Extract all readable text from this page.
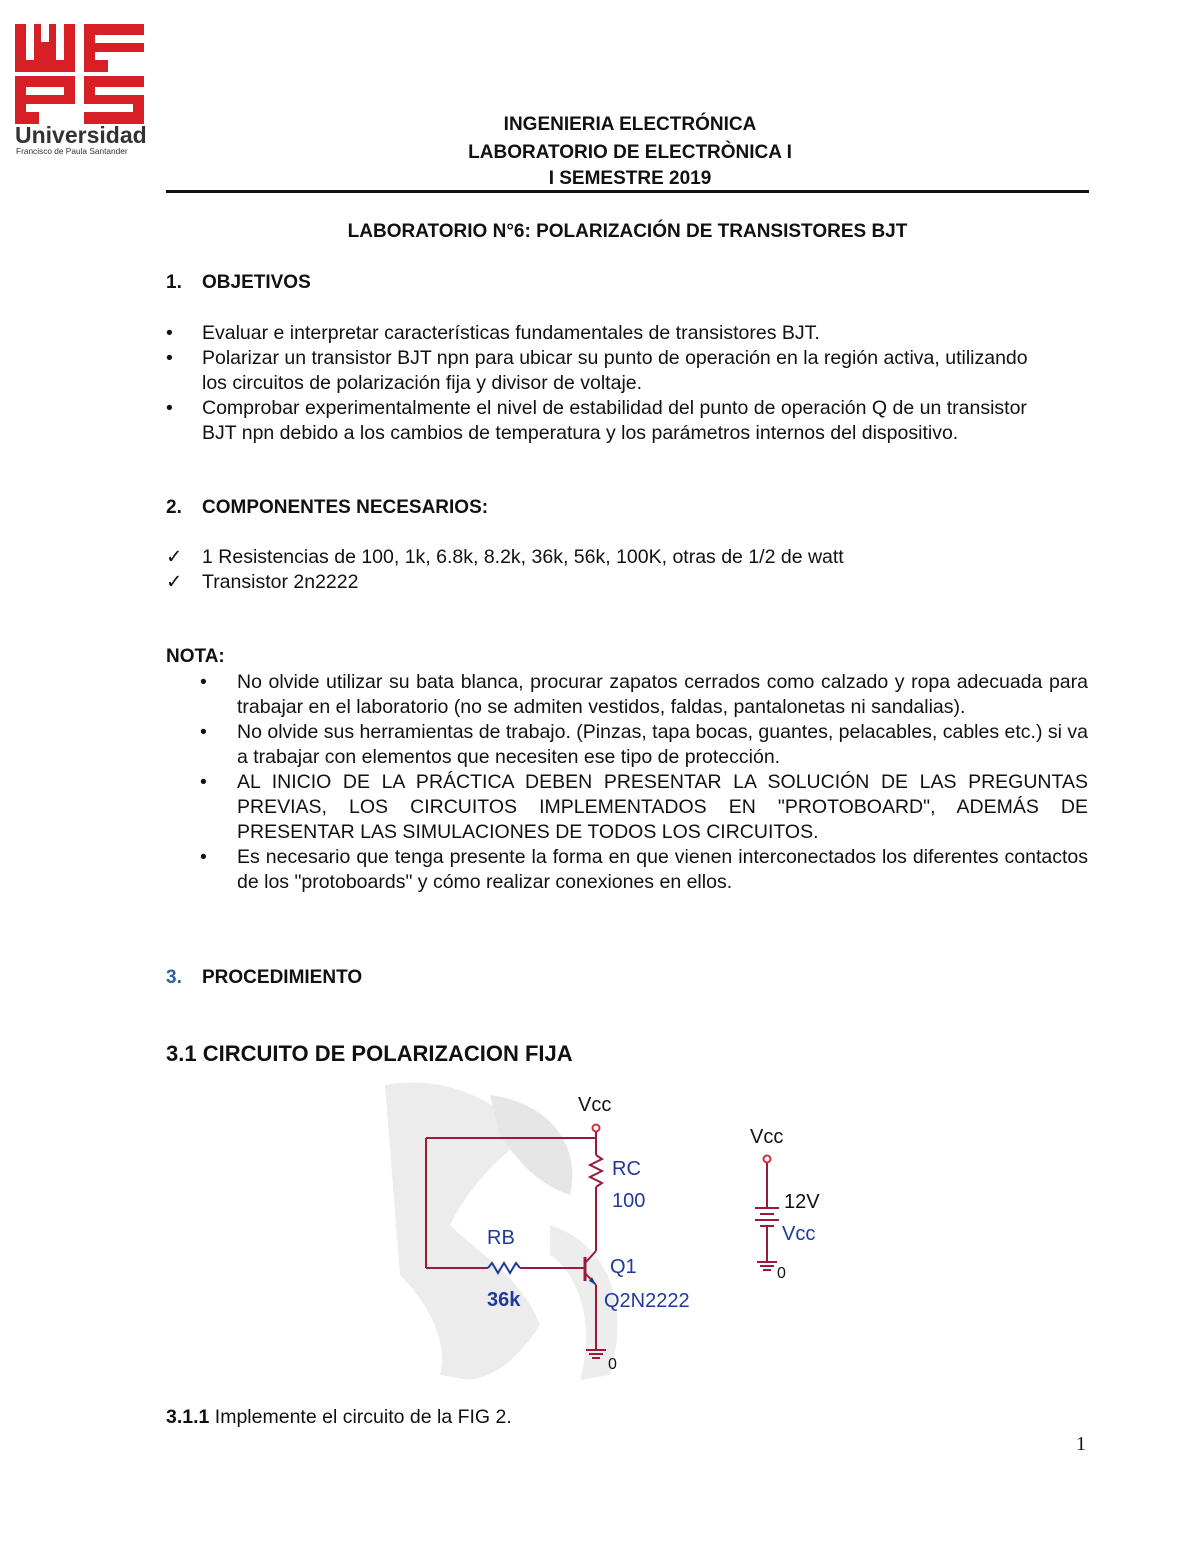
Universidad
Francisco de Paula Santander
INGENIERIA ELECTRÓNICA
LABORATORIO DE ELECTRÒNICA I
I SEMESTRE 2019
LABORATORIO N°6: POLARIZACIÓN DE TRANSISTORES BJT
1. OBJETIVOS
• Evaluar e interpretar características fundamentales de transistores BJT.
• Polarizar un transistor BJT npn para ubicar su punto de operación en la región activa, utilizando los circuitos de polarización fija y divisor de voltaje.
• Comprobar experimentalmente el nivel de estabilidad del punto de operación Q de un transistor BJT npn debido a los cambios de temperatura y los parámetros internos del dispositivo.
2. COMPONENTES NECESARIOS:
✓ 1 Resistencias de 100, 1k, 6.8k, 8.2k, 36k, 56k, 100K, otras de 1/2 de watt
✓ Transistor 2n2222
NOTA:
• No olvide utilizar su bata blanca, procurar zapatos cerrados como calzado y ropa adecuada para trabajar en el laboratorio (no se admiten vestidos, faldas, pantalonetas ni sandalias).
• No olvide sus herramientas de trabajo. (Pinzas, tapa bocas, guantes, pelacables, cables etc.) si va a trabajar con elementos que necesiten ese tipo de protección.
• AL INICIO DE LA PRÁCTICA DEBEN PRESENTAR LA SOLUCIÓN DE LAS PREGUNTAS PREVIAS, LOS CIRCUITOS IMPLEMENTADOS EN "PROTOBOARD", ADEMÁS DE PRESENTAR LAS SIMULACIONES DE TODOS LOS CIRCUITOS.
• Es necesario que tenga presente la forma en que vienen interconectados los diferentes contactos de los "protoboards" y cómo realizar conexiones en ellos.
3. PROCEDIMIENTO
3.1 CIRCUITO DE POLARIZACION FIJA
Vcc
RC
100
RB
36k
Q1
Q2N2222
0
Vcc
12V
Vcc
0
3.1.1 Implemente el circuito de la FIG 2.
1
